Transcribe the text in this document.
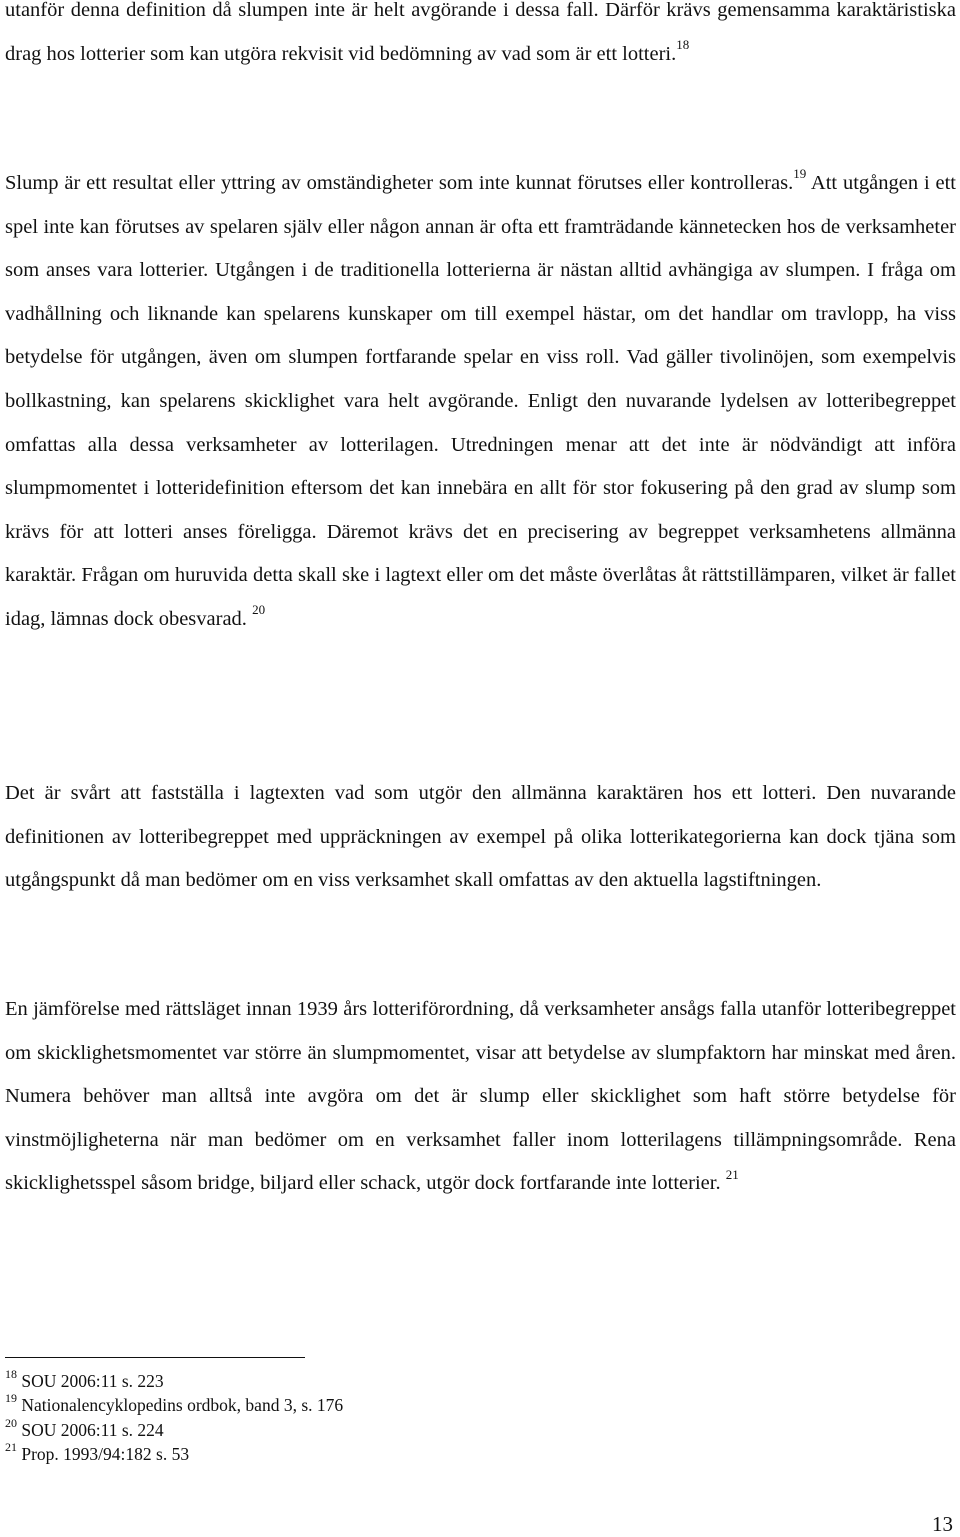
utanför denna definition då slumpen inte är helt avgörande i dessa fall. Därför krävs gemensamma karaktäristiska drag hos lotterier som kan utgöra rekvisit vid bedömning av vad som är ett lotteri.$^{18}$

Slump är ett resultat eller yttring av omständigheter som inte kunnat förutses eller kontrolleras.$^{19}$ Att utgången i ett spel inte kan förutses av spelaren själv eller någon annan är ofta ett framträdande kännetecken hos de verksamheter som anses vara lotterier. Utgången i de traditionella lotterierna är nästan alltid avhängiga av slumpen. I fråga om vadhållning och liknande kan spelarens kunskaper om till exempel hästar, om det handlar om travlopp, ha viss betydelse för utgången, även om slumpen fortfarande spelar en viss roll. Vad gäller tivolinöjen, som exempelvis bollkastning, kan spelarens skicklighet vara helt avgörande. Enligt den nuvarande lydelsen av lotteribegreppet omfattas alla dessa verksamheter av lotterilagen. Utredningen menar att det inte är nödvändigt att införa slumpmomentet i lotteridefinition eftersom det kan innebära en allt för stor fokusering på den grad av slump som krävs för att lotteri anses föreligga. Däremot krävs det en precisering av begreppet verksamhetens allmänna karaktär. Frågan om huruvida detta skall ske i lagtext eller om det måste överlåtas åt rättstillämparen, vilket är fallet idag, lämnas dock obesvarad. $^{20}$

Det är svårt att fastställa i lagtexten vad som utgör den allmänna karaktären hos ett lotteri. Den nuvarande definitionen av lotteribegreppet med uppräckningen av exempel på olika lotterikategorierna kan dock tjäna som utgångspunkt då man bedömer om en viss verksamhet skall omfattas av den aktuella lagstiftningen.

En jämförelse med rättsläget innan 1939 års lotteriförordning, då verksamheter ansågs falla utanför lotteribegreppet om skicklighetsmomentet var större än slumpmomentet, visar att betydelse av slumpfaktorn har minskat med åren. Numera behöver man alltså inte avgöra om det är slump eller skicklighet som haft större betydelse för vinstmöjligheterna när man bedömer om en verksamhet faller inom lotterilagens tillämpningsområde. Rena skicklighetsspel såsom bridge, biljard eller schack, utgör dock fortfarande inte lotterier. $^{21}$

$^{18}$ SOU 2006:11 s. 223
$^{19}$ Nationalencyklopedins ordbok, band 3, s. 176
$^{20}$ SOU 2006:11 s. 224
$^{21}$ Prop. 1993/94:182 s. 53
13
